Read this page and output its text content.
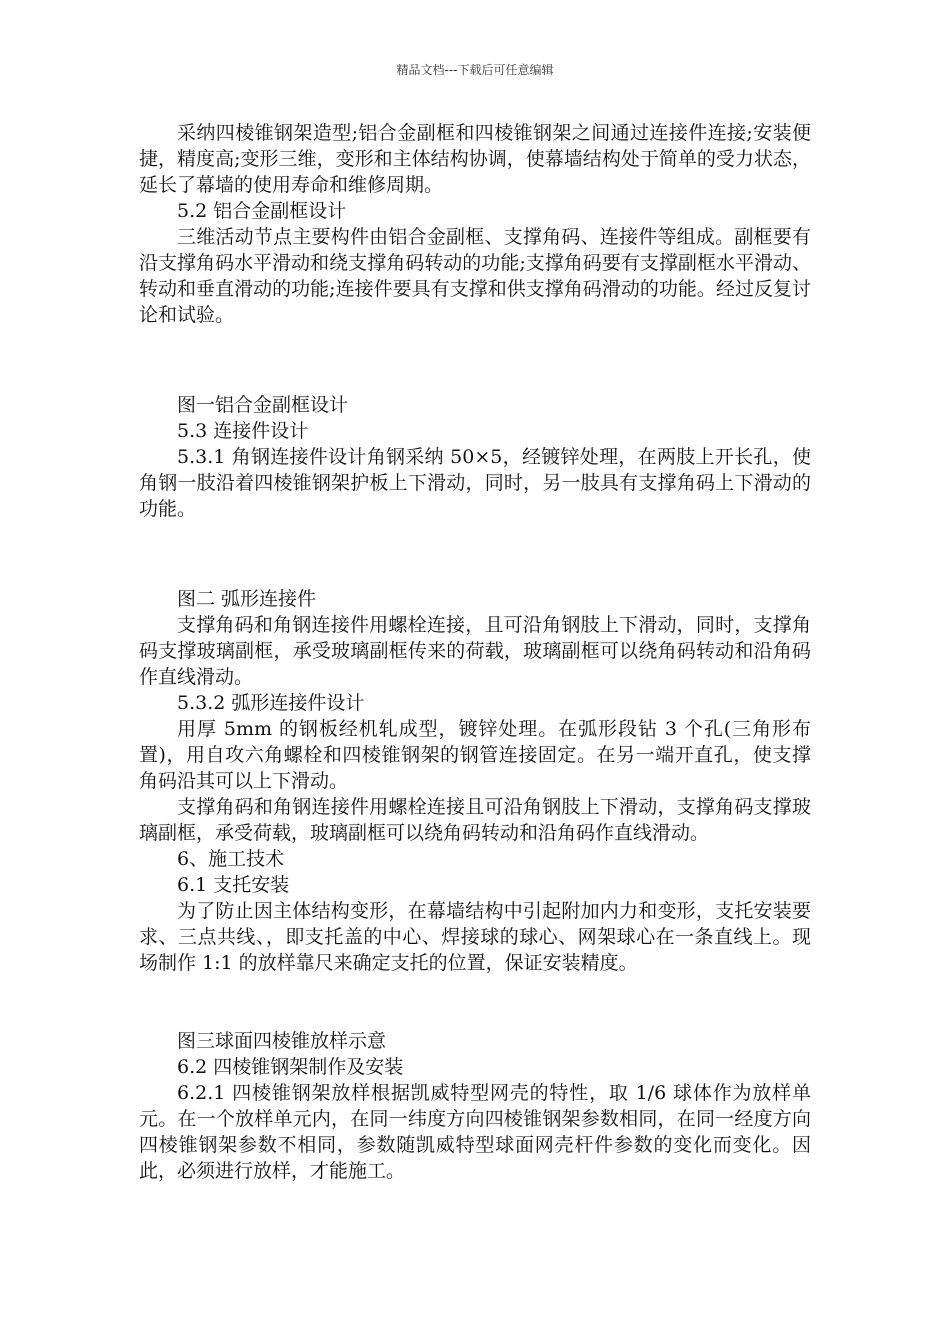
精品文档---下载后可任意编辑

采纳四棱锥钢架造型;铝合金副框和四棱锥钢架之间通过连接件连接;安装便捷，精度高;变形三维，变形和主体结构协调，使幕墙结构处于简单的受力状态，延长了幕墙的使用寿命和维修周期。

5.2 铝合金副框设计

三维活动节点主要构件由铝合金副框、支撑角码、连接件等组成。副框要有沿支撑角码水平滑动和绕支撑角码转动的功能;支撑角码要有支撑副框水平滑动、转动和垂直滑动的功能;连接件要具有支撑和供支撑角码滑动的功能。经过反复讨论和试验。

图一铝合金副框设计

5.3 连接件设计

5.3.1 角钢连接件设计角钢采纳 50×5，经镀锌处理，在两肢上开长孔，使角钢一肢沿着四棱锥钢架护板上下滑动，同时，另一肢具有支撑角码上下滑动的功能。

图二 弧形连接件

支撑角码和角钢连接件用螺栓连接，且可沿角钢肢上下滑动，同时，支撑角码支撑玻璃副框，承受玻璃副框传来的荷载，玻璃副框可以绕角码转动和沿角码作直线滑动。

5.3.2 弧形连接件设计

用厚 5mm 的钢板经机轧成型，镀锌处理。在弧形段钻 3 个孔(三角形布置)，用自攻六角螺栓和四棱锥钢架的钢管连接固定。在另一端开直孔，使支撑角码沿其可以上下滑动。

支撑角码和角钢连接件用螺栓连接且可沿角钢肢上下滑动，支撑角码支撑玻璃副框，承受荷载，玻璃副框可以绕角码转动和沿角码作直线滑动。

6、施工技术

6.1 支托安装

为了防止因主体结构变形，在幕墙结构中引起附加内力和变形，支托安装要求、三点共线、，即支托盖的中心、焊接球的球心、网架球心在一条直线上。现场制作 1:1 的放样靠尺来确定支托的位置，保证安装精度。

图三球面四棱锥放样示意

6.2 四棱锥钢架制作及安装

6.2.1 四棱锥钢架放样根据凯威特型网壳的特性，取 1/6 球体作为放样单元。在一个放样单元内，在同一纬度方向四棱锥钢架参数相同，在同一经度方向四棱锥钢架参数不相同，参数随凯威特型球面网壳杆件参数的变化而变化。因此，必须进行放样，才能施工。
